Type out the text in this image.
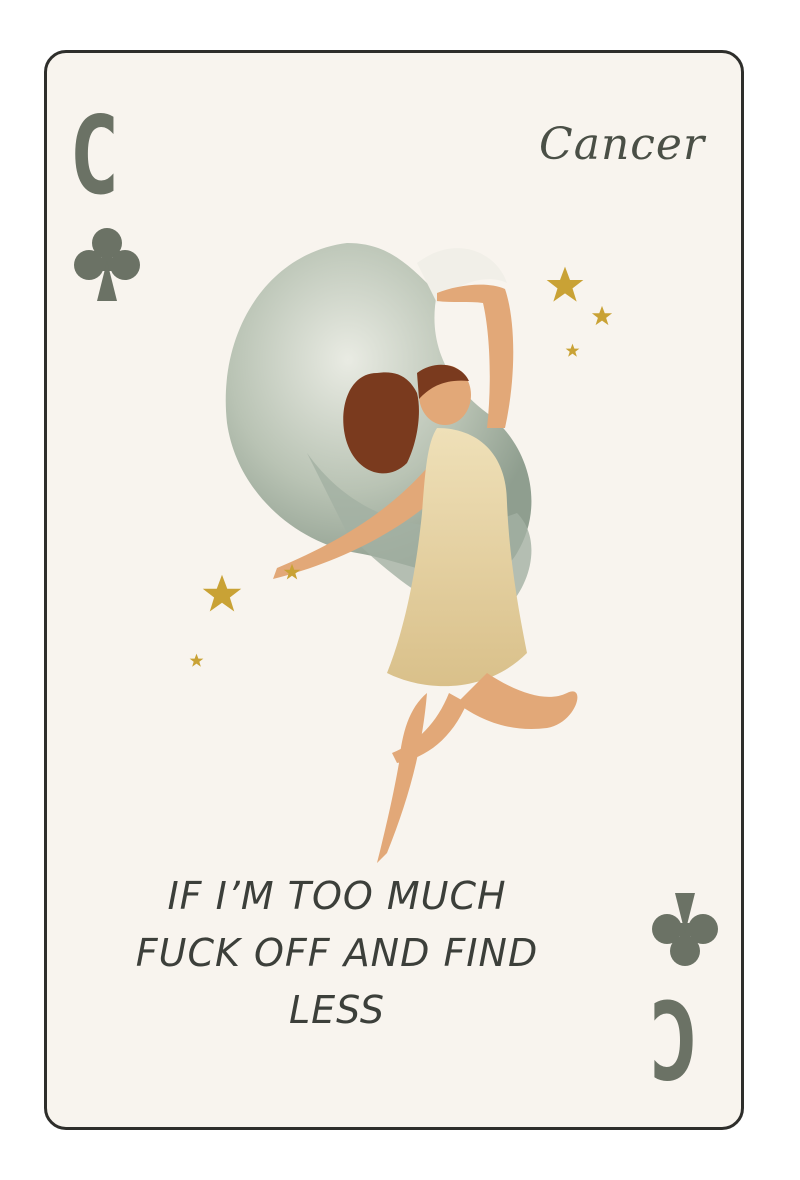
C	Cancer
IF I’M TOO MUCH
FUCK OFF AND FIND
LESS	C
